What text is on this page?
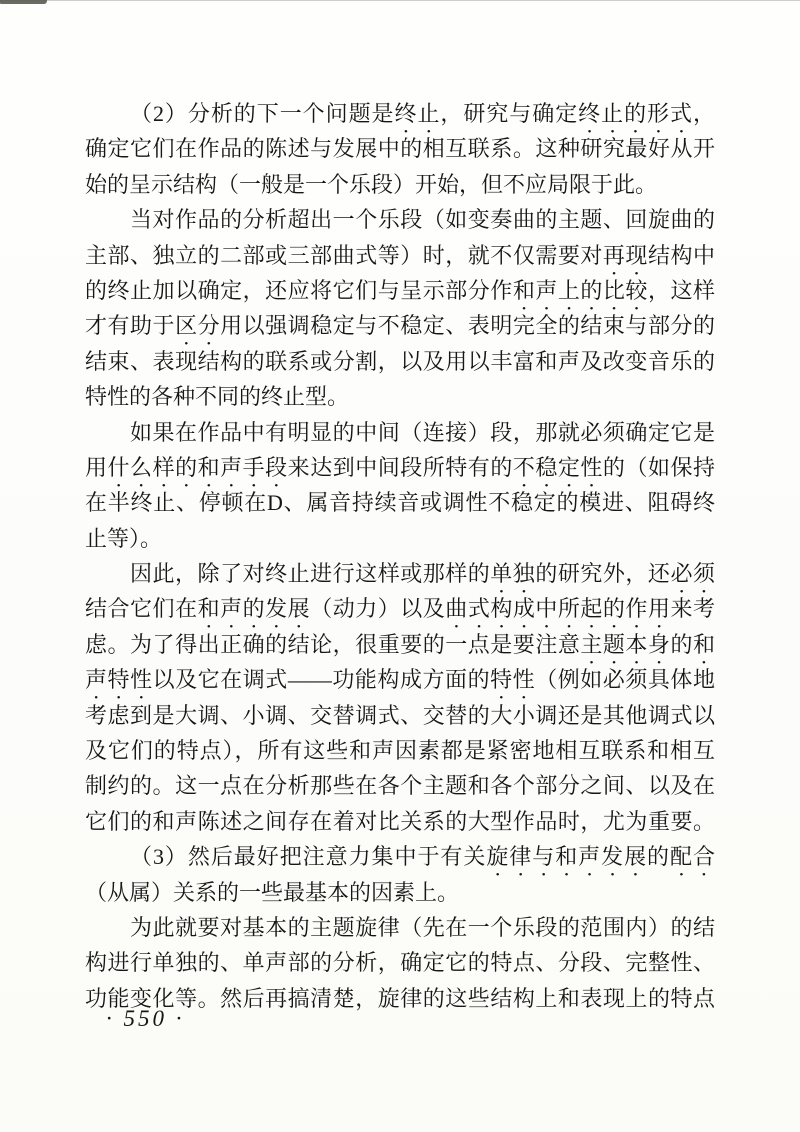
（2）分析的下一个问题是终止，研究与确定终止的形式，
确定它们在作品的陈述与发展中的相互联系。这种研究最好从开
始的呈示结构（一般是一个乐段）开始，但不应局限于此。
当对作品的分析超出一个乐段（如变奏曲的主题、回旋曲的
主部、独立的二部或三部曲式等）时，就不仅需要对再现结构中
的终止加以确定，还应将它们与呈示部分作和声上的比较，这样
才有助于区分用以强调稳定与不稳定、表明完全的结束与部分的
结束、表现结构的联系或分割，以及用以丰富和声及改变音乐的
特性的各种不同的终止型。
如果在作品中有明显的中间（连接）段，那就必须确定它是
用什么样的和声手段来达到中间段所特有的不稳定性的（如保持
在半终止、停顿在D、属音持续音或调性不稳定的模进、阻碍终
止等）。
因此，除了对终止进行这样或那样的单独的研究外，还必须
结合它们在和声的发展（动力）以及曲式构成中所起的作用来考
虑。为了得出正确的结论，很重要的一点是要注意主题本身的和
声特性以及它在调式——功能构成方面的特性（例如必须具体地
考虑到是大调、小调、交替调式、交替的大小调还是其他调式以
及它们的特点），所有这些和声因素都是紧密地相互联系和相互
制约的。这一点在分析那些在各个主题和各个部分之间、以及在
它们的和声陈述之间存在着对比关系的大型作品时，尤为重要。
（3）然后最好把注意力集中于有关旋律与和声发展的配合
（从属）关系的一些最基本的因素上。
为此就要对基本的主题旋律（先在一个乐段的范围内）的结
构进行单独的、单声部的分析，确定它的特点、分段、完整性、
功能变化等。然后再搞清楚，旋律的这些结构上和表现上的特点
· 550 ·
